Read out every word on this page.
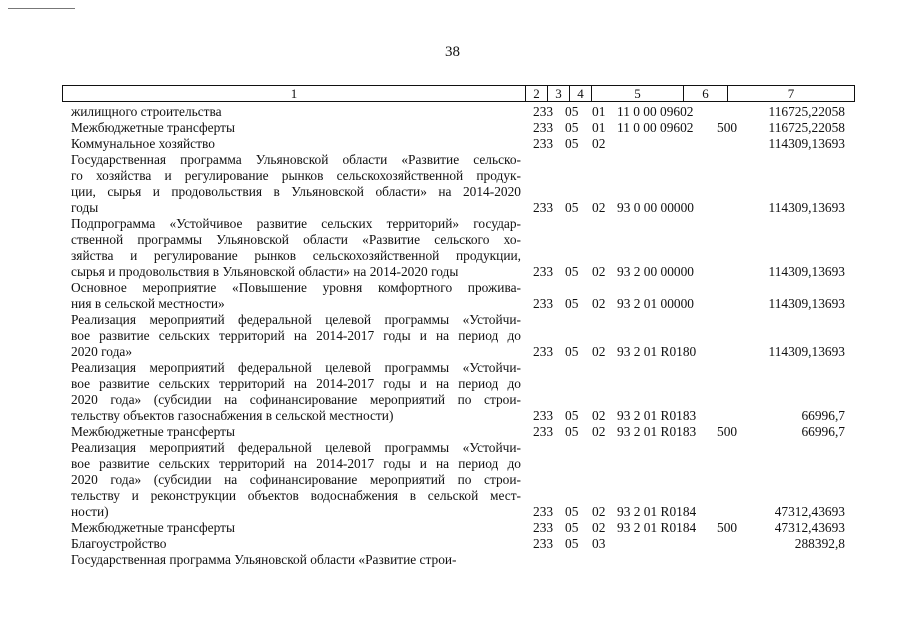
38
1	2	3	4	5	6	7
жилищного строительства	233 05 01 11 0 00 09602	116725,22058
Межбюджетные трансферты	233 05 01 11 0 00 09602 500	116725,22058
Коммунальное хозяйство	233 05 02	114309,13693
Государственная программа Ульяновской области «Развитие сельско-
го хозяйства и регулирование рынков сельскохозяйственной продук-
ции, сырья и продовольствия в Ульяновской области» на 2014-2020
годы	233 05 02 93 0 00 00000	114309,13693
Подпрограмма «Устойчивое развитие сельских территорий» государ-
ственной программы Ульяновской области «Развитие сельского хо-
зяйства и регулирование рынков сельскохозяйственной продукции,
сырья и продовольствия в Ульяновской области» на 2014-2020 годы	233 05 02 93 2 00 00000	114309,13693
Основное мероприятие «Повышение уровня комфортного прожива-
ния в сельской местности»	233 05 02 93 2 01 00000	114309,13693
Реализация мероприятий федеральной целевой программы «Устойчи-
вое развитие сельских территорий на 2014-2017 годы и на период до
2020 года»	233 05 02 93 2 01 R0180	114309,13693
Реализация мероприятий федеральной целевой программы «Устойчи-
вое развитие сельских территорий на 2014-2017 годы и на период до
2020 года» (субсидии на софинансирование мероприятий по строи-
тельству объектов газоснабжения в сельской местности)	233 05 02 93 2 01 R0183	66996,7
Межбюджетные трансферты	233 05 02 93 2 01 R0183 500	66996,7
Реализация мероприятий федеральной целевой программы «Устойчи-
вое развитие сельских территорий на 2014-2017 годы и на период до
2020 года» (субсидии на софинансирование мероприятий по строи-
тельству и реконструкции объектов водоснабжения в сельской мест-
ности)	233 05 02 93 2 01 R0184	47312,43693
Межбюджетные трансферты	233 05 02 93 2 01 R0184 500	47312,43693
Благоустройство	233 05 03	288392,8
Государственная программа Ульяновской области «Развитие строи-
